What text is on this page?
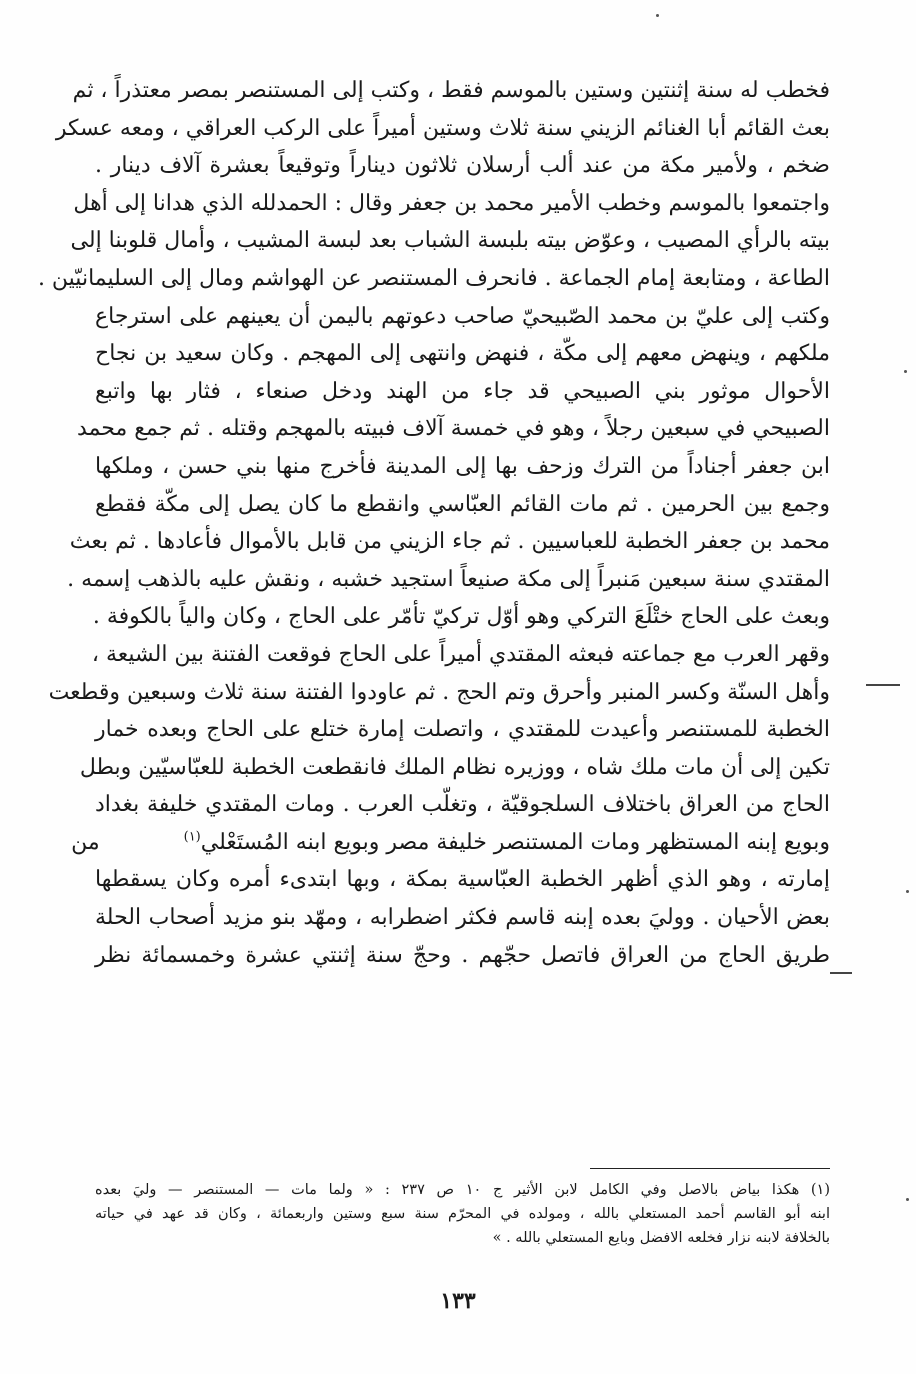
فخطب له سنة إثنتين وستين بالموسم فقط ، وكتب إلى المستنصر بمصر معتذراً ، ثم
بعث القائم أبا الغنائم الزيني سنة ثلاث وستين أميراً على الركب العراقي ، ومعه عسكر
ضخم ، ولأمير مكة من عند ألب أرسلان ثلاثون ديناراً وتوقيعاً بعشرة آلاف دينار .
واجتمعوا بالموسم وخطب الأمير محمد بن جعفر وقال : الحمدلله الذي هدانا إلى أهل
بيته بالرأي المصيب ، وعوّض بيته بلبسة الشباب بعد لبسة المشيب ، وأمال قلوبنا إلى
الطاعة ، ومتابعة إمام الجماعة . فانحرف المستنصر عن الهواشم ومال إلى السليمانيّين .
وكتب إلى عليّ بن محمد الصّبيحيّ صاحب دعوتهم باليمن أن يعينهم على استرجاع
ملكهم ، وينهض معهم إلى مكّة ، فنهض وانتهى إلى المهجم . وكان سعيد بن نجاح
الأحوال موثور بني الصبيحي قد جاء من الهند ودخل صنعاء ، فثار بها واتبع
الصبيحي في سبعين رجلاً ، وهو في خمسة آلاف فبيته بالمهجم وقتله . ثم جمع محمد
ابن جعفر أجناداً من الترك وزحف بها إلى المدينة فأخرج منها بني حسن ، وملكها
وجمع بين الحرمين . ثم مات القائم العبّاسي وانقطع ما كان يصل إلى مكّة فقطع
محمد بن جعفر الخطبة للعباسيين . ثم جاء الزيني من قابل بالأموال فأعادها . ثم بعث
المقتدي سنة سبعين مَنبراً إلى مكة صنيعاً استجيد خشبه ، ونقش عليه بالذهب إسمه .
وبعث على الحاج ختْلَعَ التركي وهو أوّل تركيّ تأمّر على الحاج ، وكان والياً بالكوفة .
وقهر العرب مع جماعته فبعثه المقتدي أميراً على الحاج فوقعت الفتنة بين الشيعة ،
وأهل السنّة وكسر المنبر وأحرق وتم الحج . ثم عاودوا الفتنة سنة ثلاث وسبعين وقطعت
الخطبة للمستنصر وأعيدت للمقتدي ، واتصلت إمارة ختلع على الحاج وبعده خمار
تكين إلى أن مات ملك شاه ، ووزيره نظام الملك فانقطعت الخطبة للعبّاسيّين وبطل
الحاج من العراق باختلاف السلجوقيّة ، وتغلّب العرب . ومات المقتدي خليفة بغداد
وبويع إبنه المستظهر ومات المستنصر خليفة مصر وبويع ابنه المُستَعْلي$^{(١)}$  من
إمارته ، وهو الذي أظهر الخطبة العبّاسية بمكة ، وبها ابتدىء أمره وكان يسقطها
بعض الأحيان . ووليَ بعده إبنه قاسم فكثر اضطرابه ، ومهّد بنو مزيد أصحاب الحلة
طريق الحاج من العراق فاتصل حجّهم . وحجّ سنة إثنتي عشرة وخمسمائة نظر
(١) هكذا بياض بالاصل وفي الكامل لابن الأثير ج ١٠ ص ٢٣٧ : « ولما مات — المستنصر — وليَ بعده
ابنه أبو القاسم أحمد المستعلي بالله ، ومولده في المحرّم سنة سبع وستين واربعمائة ، وكان قد عهد في حياته
بالخلافة لابنه نزار فخلعه الافضل وبايع المستعلي بالله . »
١٣٣
